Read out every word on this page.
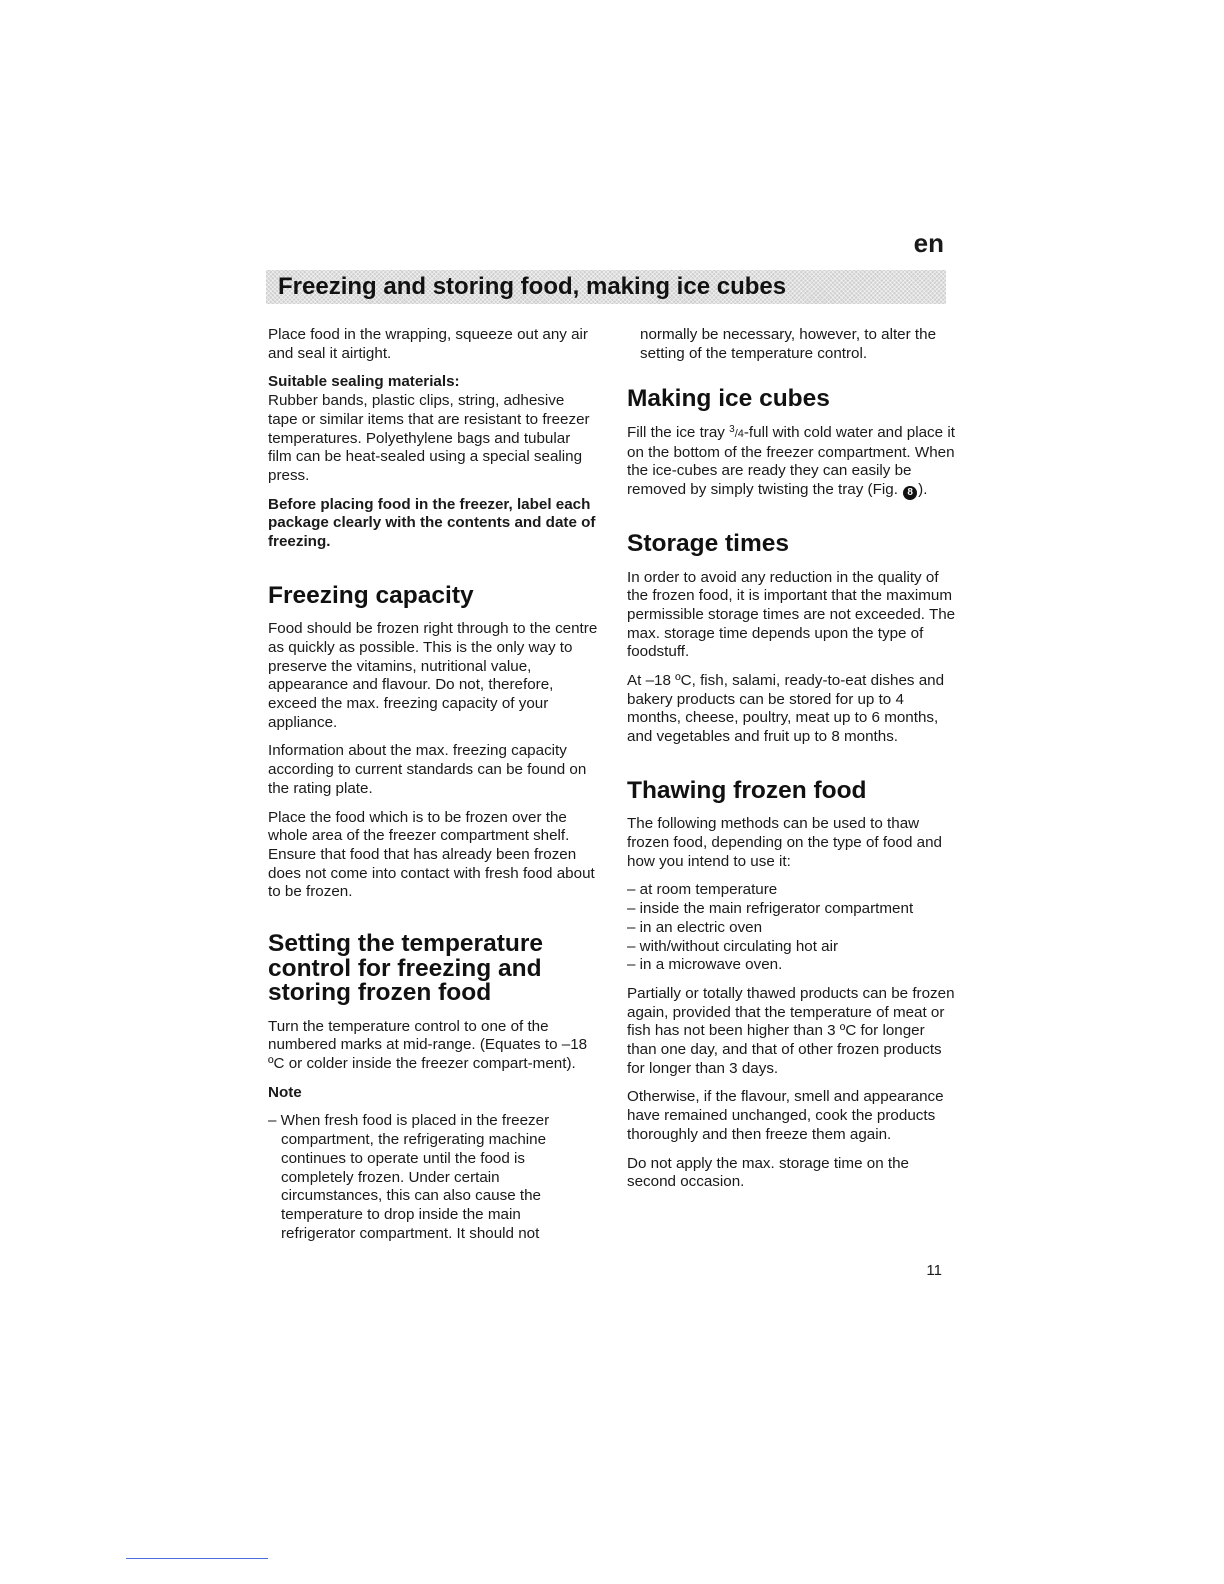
en
Freezing and storing food, making ice cubes

Place food in the wrapping, squeeze out any air and seal it airtight.

Suitable sealing materials:

Rubber bands, plastic clips, string, adhesive tape or similar items that are resistant to freezer temperatures. Polyethylene bags and tubular film can be heat-sealed using a special sealing press.

Before placing food in the freezer, label each package clearly with the contents and date of freezing.

Freezing capacity

Food should be frozen right through to the centre as quickly as possible. This is the only way to preserve the vitamins, nutritional value, appearance and flavour. Do not, therefore, exceed the max. freezing capacity of your appliance.

Information about the max. freezing capacity according to current standards can be found on the rating plate.

Place the food which is to be frozen over the whole area of the freezer compartment shelf. Ensure that food that has already been frozen does not come into contact with fresh food about to be frozen.

Setting the temperature control for freezing and storing frozen food

Turn the temperature control to one of the numbered marks at mid-range. (Equates to –18 ºC or colder inside the freezer compart-ment).

Note

– When fresh food is placed in the freezer compartment, the refrigerating machine continues to operate until the food is completely frozen. Under certain circumstances, this can also cause the temperature to drop inside the main refrigerator compartment. It should not

normally be necessary, however, to alter the setting of the temperature control.

Making ice cubes

Fill the ice tray $^3$/4-full with cold water and place it on the bottom of the freezer compartment. When the ice-cubes are ready they can easily be removed by simply twisting the tray (Fig. 8 ).

Storage times

In order to avoid any reduction in the quality of the frozen food, it is important that the maximum permissible storage times are not exceeded. The max. storage time depends upon the type of foodstuff.

At –18 ºC, fish, salami, ready-to-eat dishes and bakery products can be stored for up to 4 months, cheese, poultry, meat up to 6 months, and vegetables and fruit up to 8 months.

Thawing frozen food

The following methods can be used to thaw frozen food, depending on the type of food and how you intend to use it:

– at room temperature

– inside the main refrigerator compartment

– in an electric oven

– with/without circulating hot air

– in a microwave oven.

Partially or totally thawed products can be frozen again, provided that the temperature of meat or fish has not been higher than 3 ºC for longer than one day, and that of other frozen products for longer than 3 days.

Otherwise, if the flavour, smell and appearance have remained unchanged, cook the products thoroughly and then freeze them again.

Do not apply the max. storage time on the second occasion.

11
